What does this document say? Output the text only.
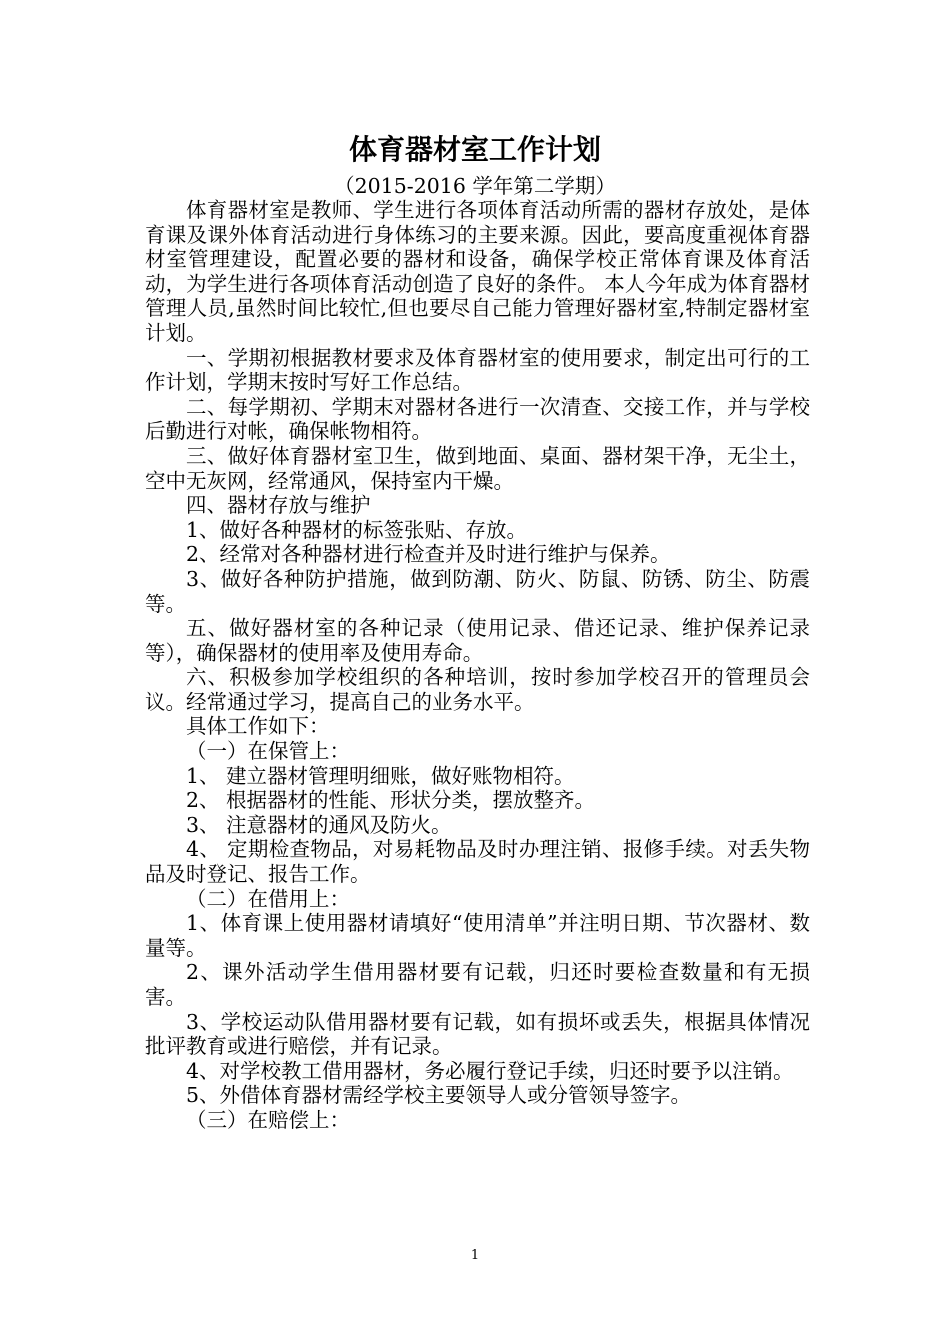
体育器材室工作计划
（2015-2016 学年第二学期）

体育器材室是教师、学生进行各项体育活动所需的器材存放处，是体育课及课外体育活动进行身体练习的主要来源。因此，要高度重视体育器材室管理建设，配置必要的器材和设备，确保学校正常体育课及体育活动，为学生进行各项体育活动创造了良好的条件。 本人今年成为体育器材管理人员,虽然时间比较忙,但也要尽自己能力管理好器材室,特制定器材室计划。

一、学期初根据教材要求及体育器材室的使用要求，制定出可行的工作计划，学期末按时写好工作总结。

二、每学期初、学期末对器材各进行一次清查、交接工作，并与学校后勤进行对帐，确保帐物相符。

三、做好体育器材室卫生，做到地面、桌面、器材架干净，无尘土，空中无灰网，经常通风，保持室内干燥。

四、器材存放与维护

1、做好各种器材的标签张贴、存放。

2、经常对各种器材进行检查并及时进行维护与保养。

3、做好各种防护措施，做到防潮、防火、防鼠、防锈、防尘、防震等。

五、做好器材室的各种记录（使用记录、借还记录、维护保养记录等），确保器材的使用率及使用寿命。

六、积极参加学校组织的各种培训，按时参加学校召开的管理员会议。经常通过学习，提高自己的业务水平。

具体工作如下：

（一）在保管上：

1、 建立器材管理明细账，做好账物相符。

2、 根据器材的性能、形状分类，摆放整齐。

3、 注意器材的通风及防火。

4、 定期检查物品，对易耗物品及时办理注销、报修手续。对丢失物品及时登记、报告工作。

（二）在借用上：

1、体育课上使用器材请填好“使用清单”并注明日期、节次器材、数量等。

2、课外活动学生借用器材要有记载，归还时要检查数量和有无损害。

3、学校运动队借用器材要有记载，如有损坏或丢失，根据具体情况批评教育或进行赔偿，并有记录。

4、对学校教工借用器材，务必履行登记手续，归还时要予以注销。

5、外借体育器材需经学校主要领导人或分管领导签字。

（三）在赔偿上：

1
